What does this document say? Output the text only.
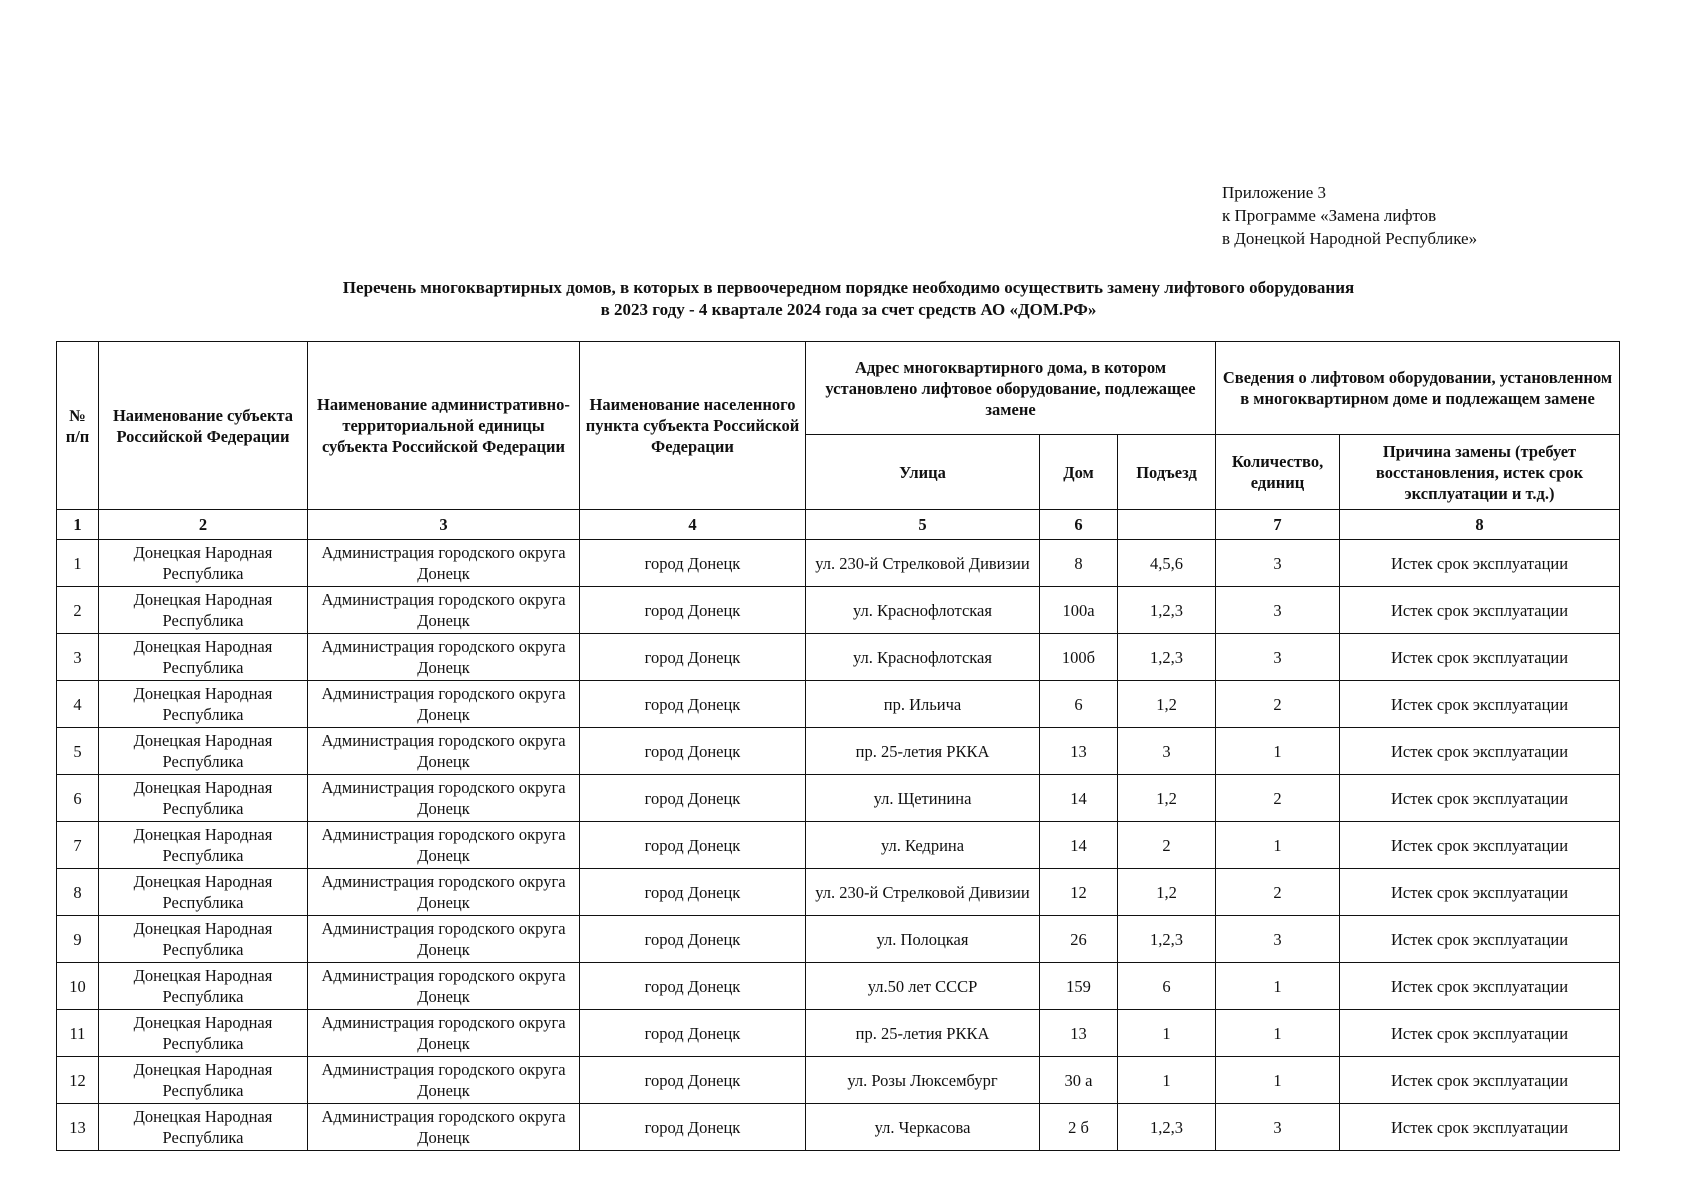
Приложение 3
к Программе «Замена лифтов
в Донецкой Народной Республике»
Перечень многоквартирных домов, в которых в первоочередном порядке необходимо осуществить замену лифтового оборудования
в 2023 году - 4 квартале 2024 года за счет средств АО «ДОМ.РФ»
№ п/п	Наименование субъекта Российской Федерации	Наименование административно-территориальной единицы субъекта Российской Федерации	Наименование населенного пункта субъекта Российской Федерации	Адрес многоквартирного дома, в котором установлено лифтовое оборудование, подлежащее замене			Сведения о лифтовом оборудовании, установленном в многоквартирном доме и подлежащем замене	
				Улица	Дом	Подъезд	Количество, единиц	Причина замены (требует восстановления, истек срок эксплуатации и т.д.)
1	2	3	4	5	6		7	8
1	Донецкая Народная Республика	Администрация городского округа Донецк	город Донецк	ул. 230-й Стрелковой Дивизии	8	4,5,6	3	Истек срок эксплуатации
2	Донецкая Народная Республика	Администрация городского округа Донецк	город Донецк	ул. Краснофлотская	100а	1,2,3	3	Истек срок эксплуатации
3	Донецкая Народная Республика	Администрация городского округа Донецк	город Донецк	ул. Краснофлотская	100б	1,2,3	3	Истек срок эксплуатации
4	Донецкая Народная Республика	Администрация городского округа Донецк	город Донецк	пр. Ильича	6	1,2	2	Истек срок эксплуатации
5	Донецкая Народная Республика	Администрация городского округа Донецк	город Донецк	пр. 25-летия РККА	13	3	1	Истек срок эксплуатации
6	Донецкая Народная Республика	Администрация городского округа Донецк	город Донецк	ул. Щетинина	14	1,2	2	Истек срок эксплуатации
7	Донецкая Народная Республика	Администрация городского округа Донецк	город Донецк	ул. Кедрина	14	2	1	Истек срок эксплуатации
8	Донецкая Народная Республика	Администрация городского округа Донецк	город Донецк	ул. 230-й Стрелковой Дивизии	12	1,2	2	Истек срок эксплуатации
9	Донецкая Народная Республика	Администрация городского округа Донецк	город Донецк	ул. Полоцкая	26	1,2,3	3	Истек срок эксплуатации
10	Донецкая Народная Республика	Администрация городского округа Донецк	город Донецк	ул.50 лет СССР	159	6	1	Истек срок эксплуатации
11	Донецкая Народная Республика	Администрация городского округа Донецк	город Донецк	пр. 25-летия РККА	13	1	1	Истек срок эксплуатации
12	Донецкая Народная Республика	Администрация городского округа Донецк	город Донецк	ул. Розы Люксембург	30 а	1	1	Истек срок эксплуатации
13	Донецкая Народная Республика	Администрация городского округа Донецк	город Донецк	ул. Черкасова	2 б	1,2,3	3	Истек срок эксплуатации
